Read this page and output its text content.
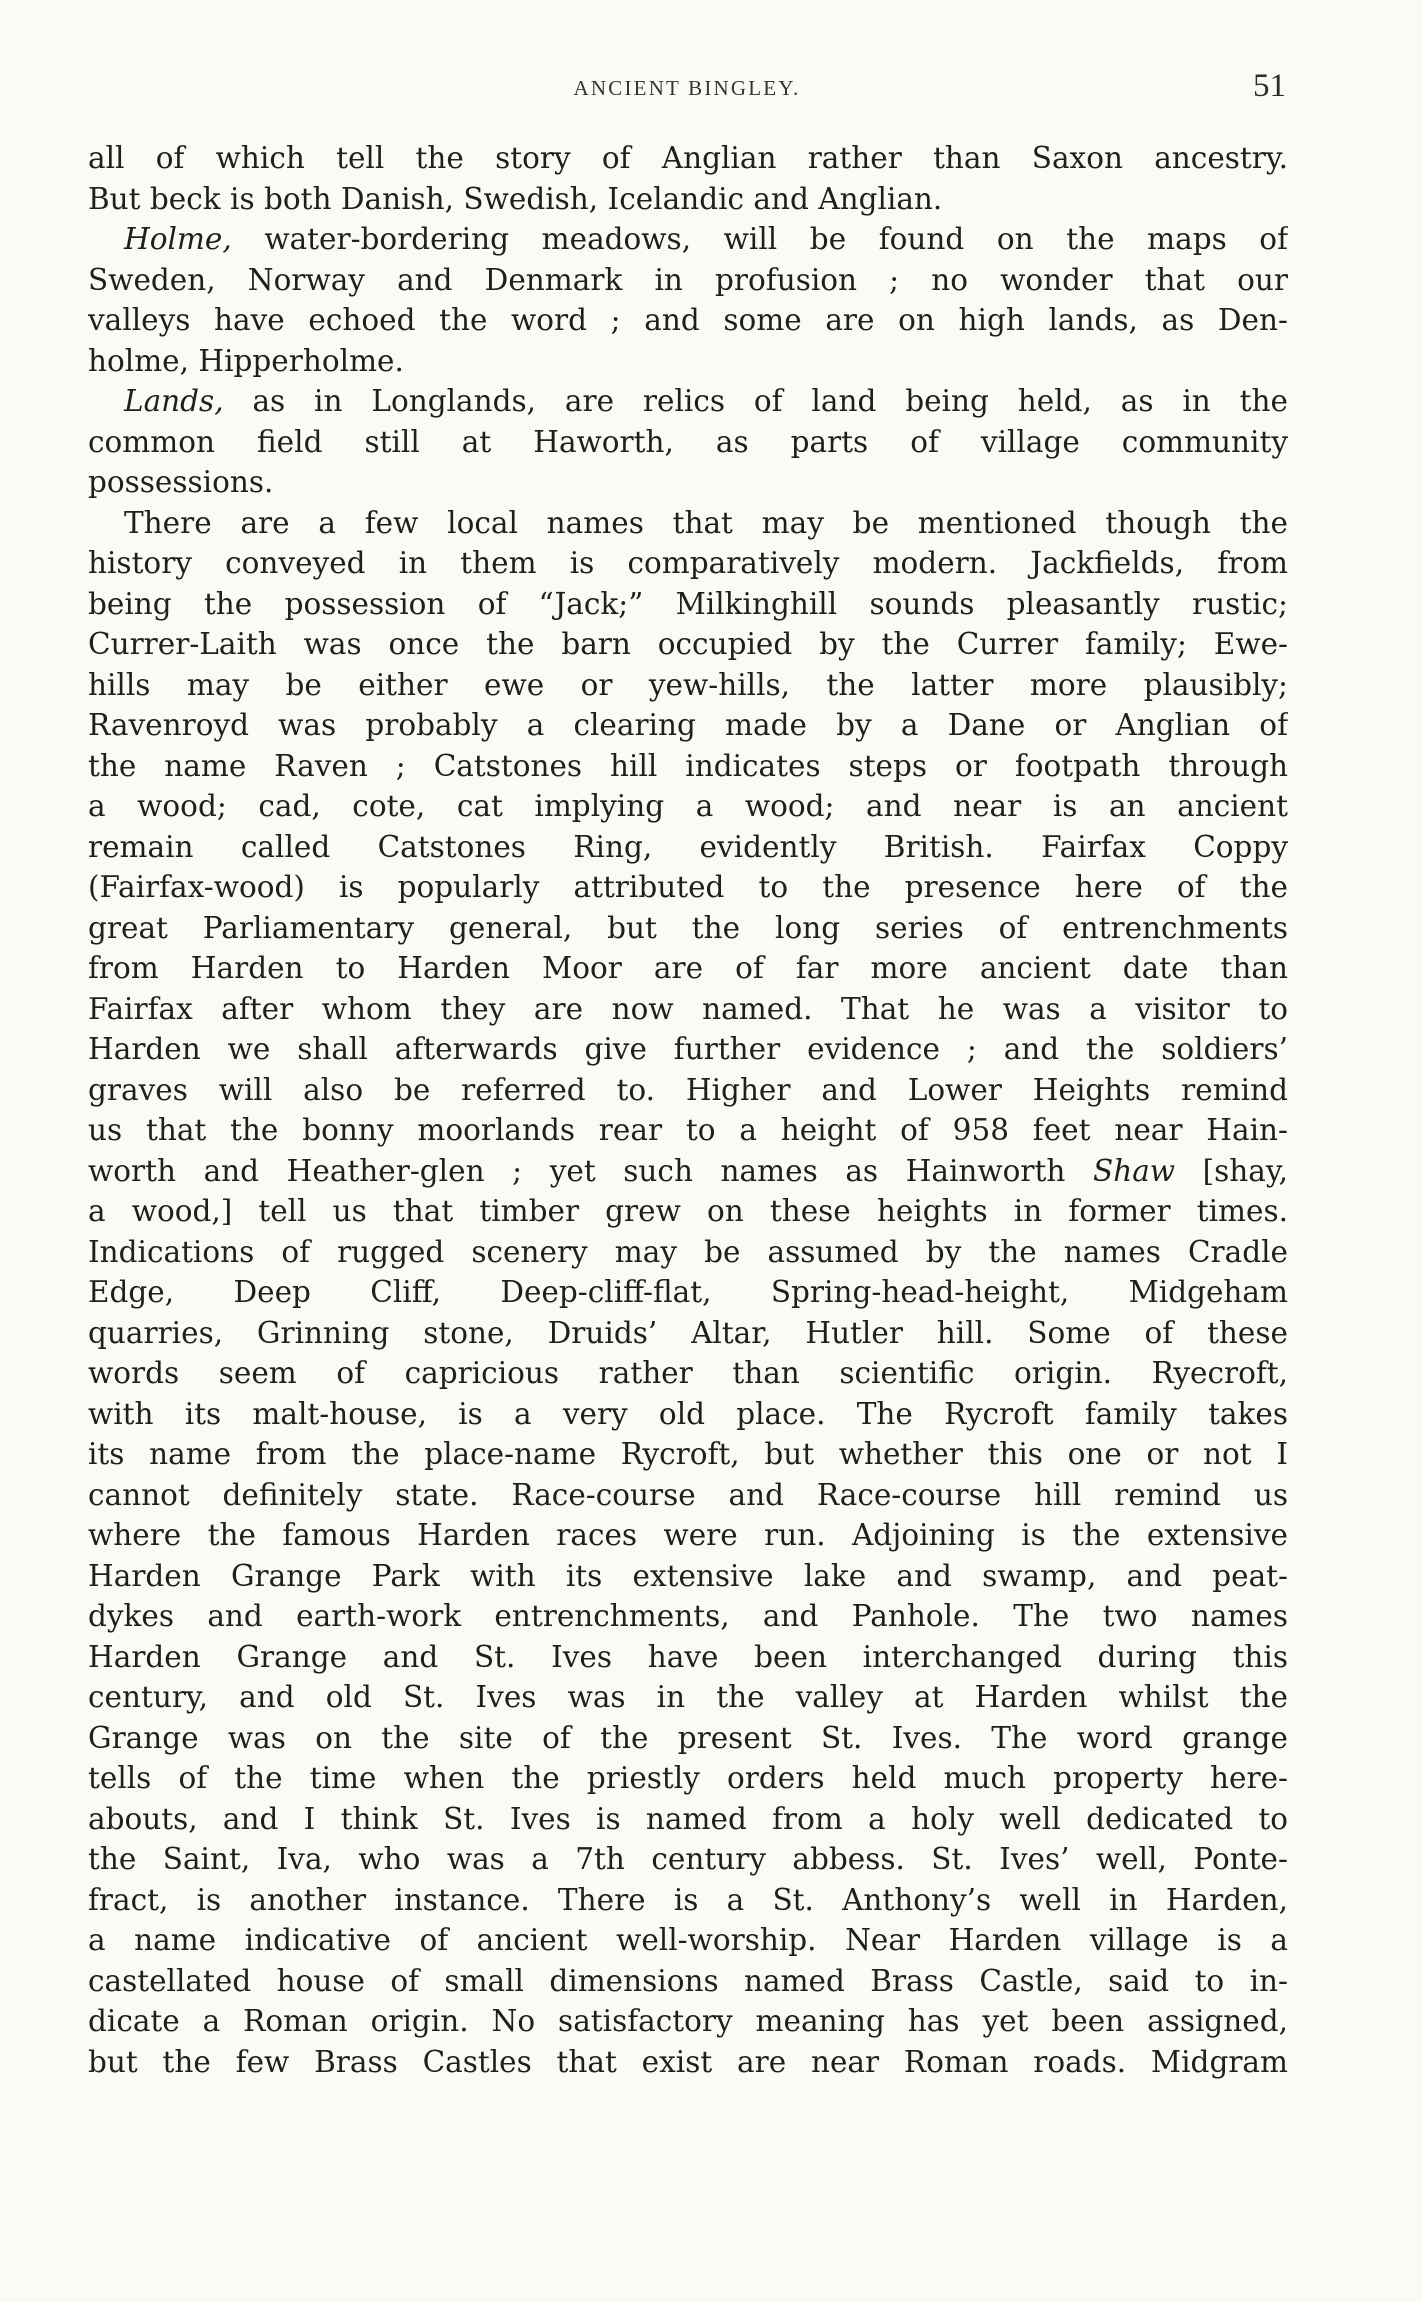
ANCIENT BINGLEY.	51
all of which tell the story of Anglian rather than Saxon ancestry.
But beck is both Danish, Swedish, Icelandic and Anglian.
Holme, water-bordering meadows, will be found on the maps of
Sweden, Norway and Denmark in profusion ; no wonder that our
valleys have echoed the word ; and some are on high lands, as Den-
holme, Hipperholme.
Lands, as in Longlands, are relics of land being held, as in the
common field still at Haworth, as parts of village community
possessions.
There are a few local names that may be mentioned though the
history conveyed in them is comparatively modern. Jackfields, from
being the possession of “Jack;” Milkinghill sounds pleasantly rustic;
Currer-Laith was once the barn occupied by the Currer family; Ewe-
hills may be either ewe or yew-hills, the latter more plausibly;
Ravenroyd was probably a clearing made by a Dane or Anglian of
the name Raven ; Catstones hill indicates steps or footpath through
a wood; cad, cote, cat implying a wood; and near is an ancient
remain called Catstones Ring, evidently British. Fairfax Coppy
(Fairfax-wood) is popularly attributed to the presence here of the
great Parliamentary general, but the long series of entrenchments
from Harden to Harden Moor are of far more ancient date than
Fairfax after whom they are now named. That he was a visitor to
Harden we shall afterwards give further evidence ; and the soldiers’
graves will also be referred to. Higher and Lower Heights remind
us that the bonny moorlands rear to a height of 958 feet near Hain-
worth and Heather-glen ; yet such names as Hainworth Shaw [shay,
a wood,] tell us that timber grew on these heights in former times.
Indications of rugged scenery may be assumed by the names Cradle
Edge, Deep Cliff, Deep-cliff-flat, Spring-head-height, Midgeham
quarries, Grinning stone, Druids’ Altar, Hutler hill. Some of these
words seem of capricious rather than scientific origin. Ryecroft,
with its malt-house, is a very old place. The Rycroft family takes
its name from the place-name Rycroft, but whether this one or not I
cannot definitely state. Race-course and Race-course hill remind us
where the famous Harden races were run. Adjoining is the extensive
Harden Grange Park with its extensive lake and swamp, and peat-
dykes and earth-work entrenchments, and Panhole. The two names
Harden Grange and St. Ives have been interchanged during this
century, and old St. Ives was in the valley at Harden whilst the
Grange was on the site of the present St. Ives. The word grange
tells of the time when the priestly orders held much property here-
abouts, and I think St. Ives is named from a holy well dedicated to
the Saint, Iva, who was a 7th century abbess. St. Ives’ well, Ponte-
fract, is another instance. There is a St. Anthony’s well in Harden,
a name indicative of ancient well-worship. Near Harden village is a
castellated house of small dimensions named Brass Castle, said to in-
dicate a Roman origin. No satisfactory meaning has yet been assigned,
but the few Brass Castles that exist are near Roman roads. Midgram
